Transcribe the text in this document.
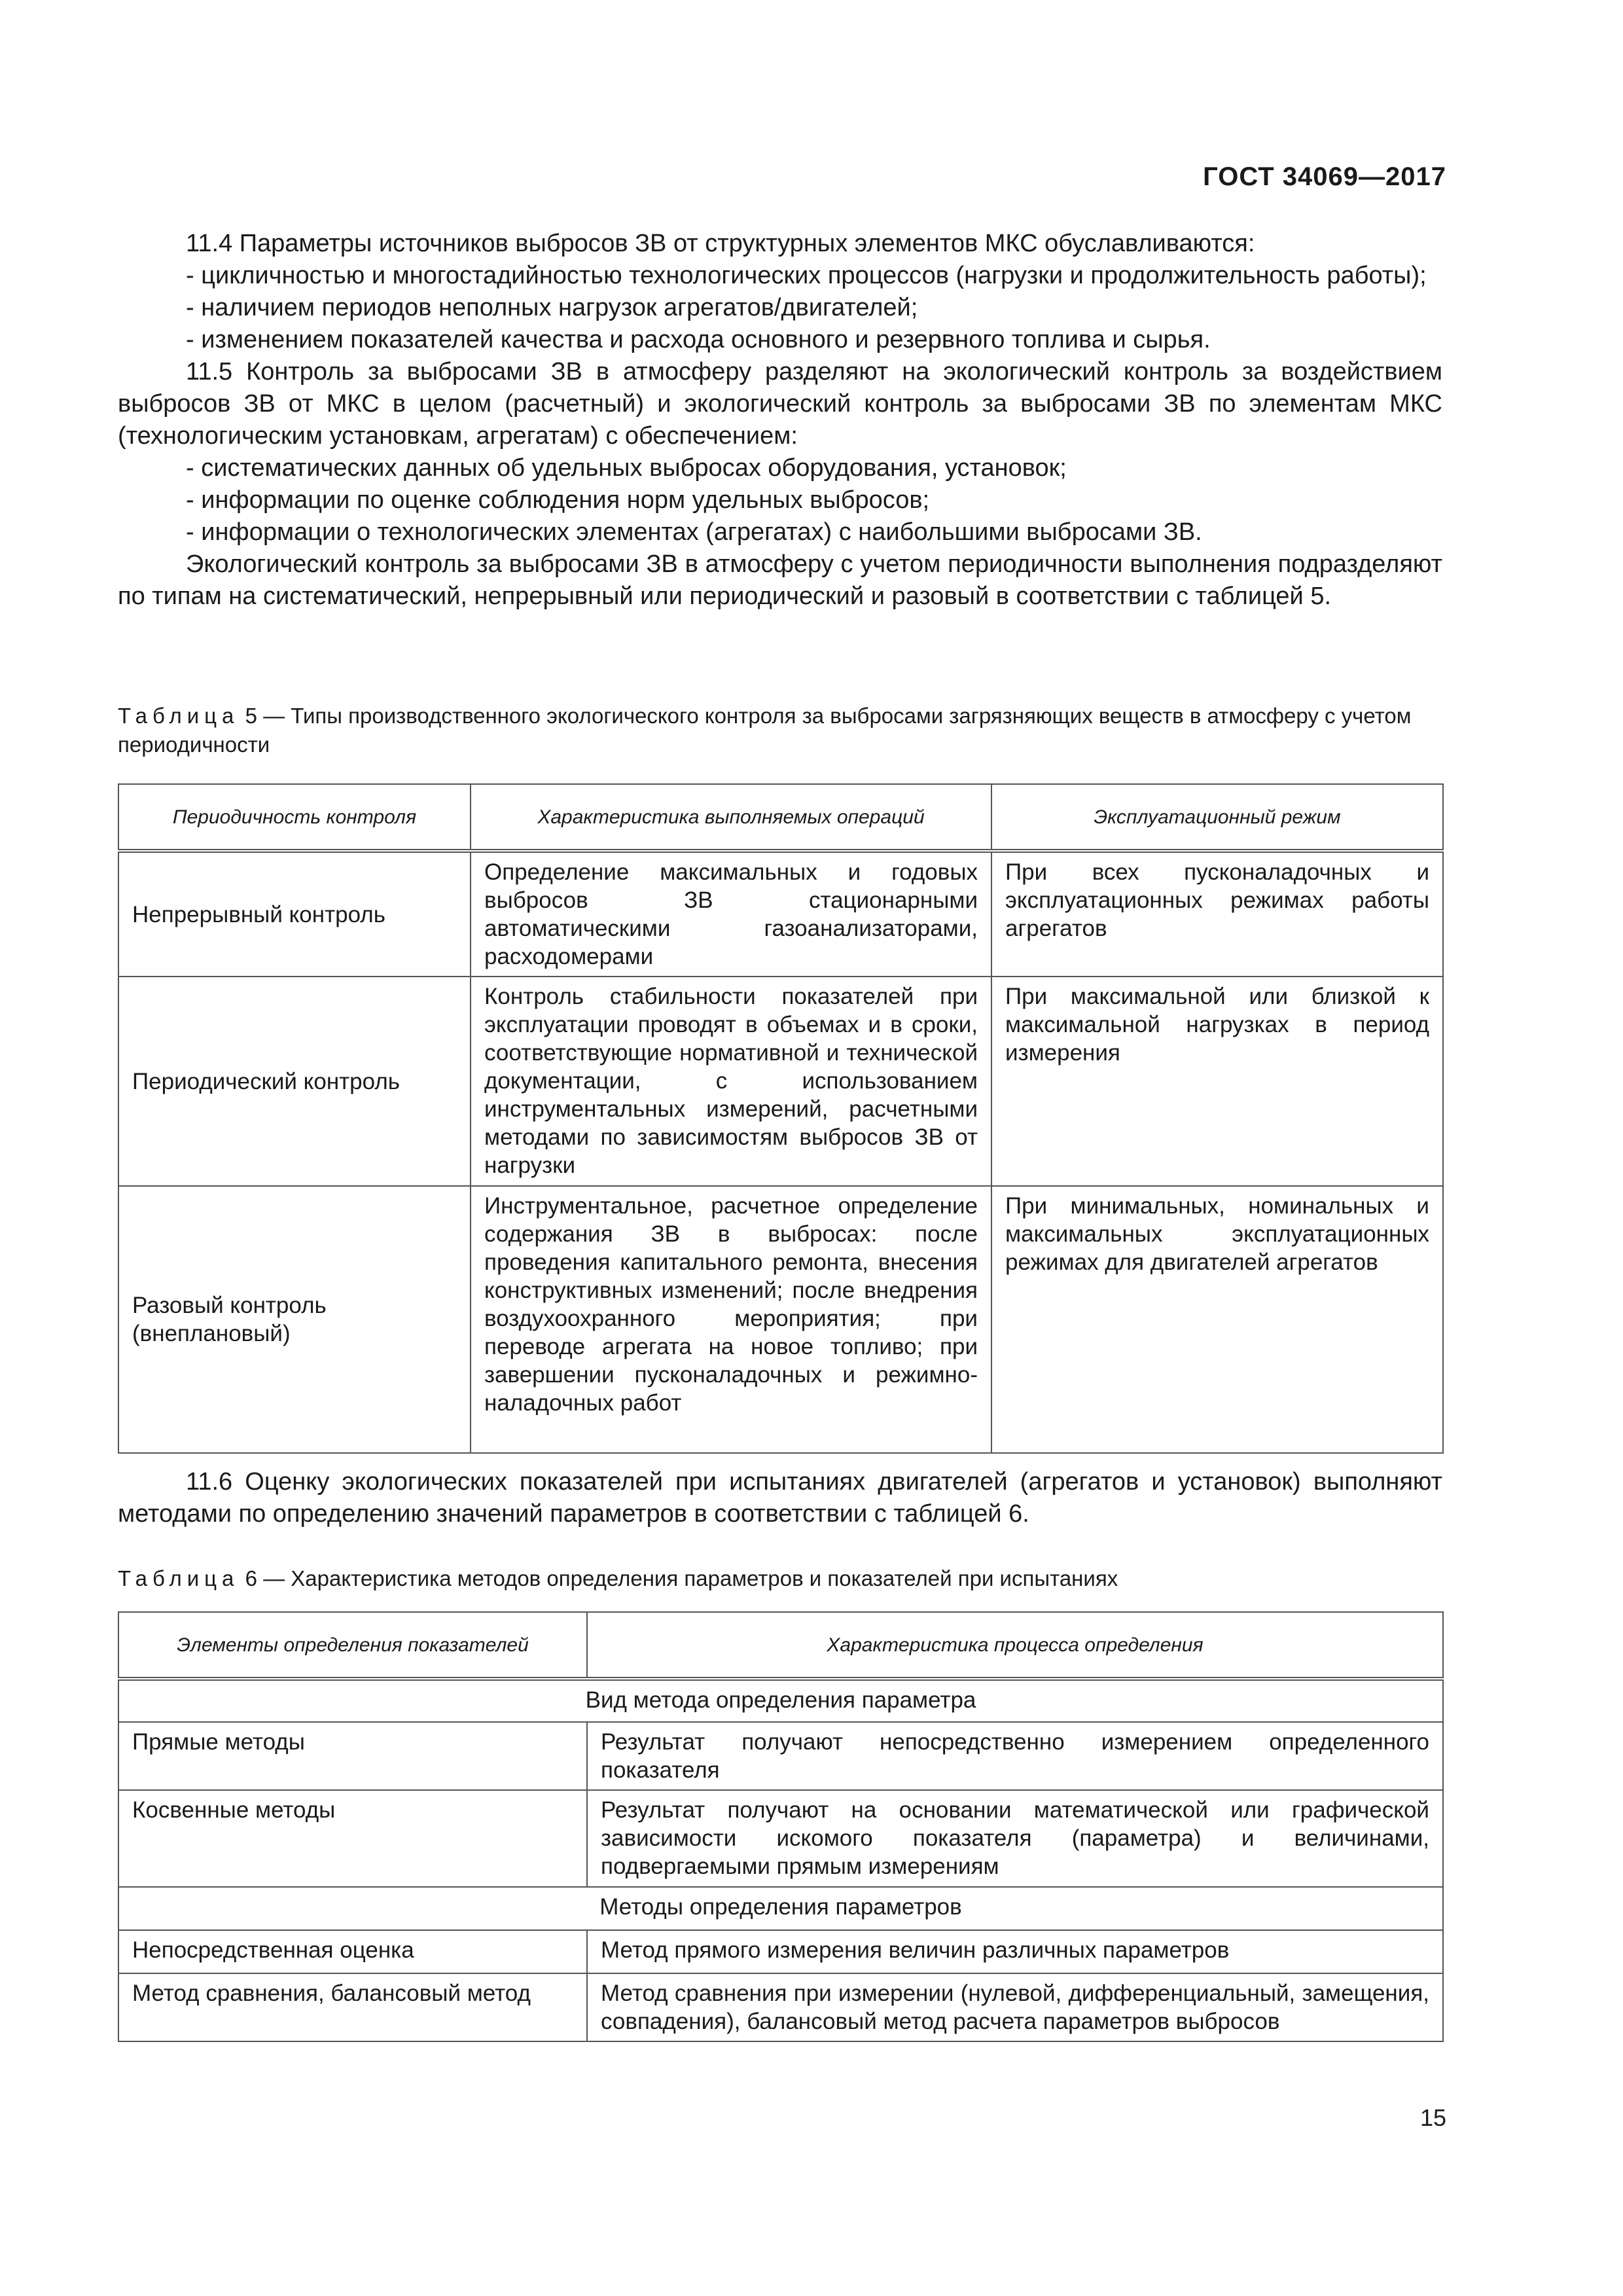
ГОСТ 34069—2017

11.4 Параметры источников выбросов ЗВ от структурных элементов МКС обуславливаются:

- цикличностью и многостадийностью технологических процессов (нагрузки и продолжительность работы);

- наличием периодов неполных нагрузок агрегатов/двигателей;

- изменением показателей качества и расхода основного и резервного топлива и сырья.

11.5 Контроль за выбросами ЗВ в атмосферу разделяют на экологический контроль за воздействием выбросов ЗВ от МКС в целом (расчетный) и экологический контроль за выбросами ЗВ по элементам МКС (технологическим установкам, агрегатам) с обеспечением:

- систематических данных об удельных выбросах оборудования, установок;

- информации по оценке соблюдения норм удельных выбросов;

- информации о технологических элементах (агрегатах) с наибольшими выбросами ЗВ.

Экологический контроль за выбросами ЗВ в атмосферу с учетом периодичности выполнения подразделяют по типам на систематический, непрерывный или периодический и разовый в соответствии с таблицей 5.

Таблица 5 — Типы производственного экологического контроля за выбросами загрязняющих веществ в атмосферу с учетом периодичности
Периодичность контроля	Характеристика выполняемых операций	Эксплуатационный режим
Непрерывный контроль	Определение максимальных и годовых выбросов ЗВ стационарными автоматическими газоанализаторами, расходомерами	При всех пусконаладочных и эксплуатационных режимах работы агрегатов
Периодический контроль	Контроль стабильности показателей при эксплуатации проводят в объемах и в сроки, соответствующие нормативной и технической документации, с использованием инструментальных измерений, расчетными методами по зависимостям выбросов ЗВ от нагрузки	При максимальной или близкой к максимальной нагрузках в период измерения
Разовый контроль (внеплановый)	Инструментальное, расчетное определение содержания ЗВ в выбросах: после проведения капитального ремонта, внесения конструктивных изменений; после внедрения воздухоохранного мероприятия; при переводе агрегата на новое топливо; при завершении пусконаладочных и режимно-наладочных работ	При минимальных, номинальных и максимальных эксплуатационных режимах для двигателей агрегатов

11.6 Оценку экологических показателей при испытаниях двигателей (агрегатов и установок) выполняют методами по определению значений параметров в соответствии с таблицей 6.

Таблица 6 — Характеристика методов определения параметров и показателей при испытаниях
Элементы определения показателей	Характеристика процесса определения
Вид метода определения параметра	
Прямые методы	Результат получают непосредственно измерением определенного показателя
Косвенные методы	Результат получают на основании математической или графической зависимости искомого показателя (параметра) и величинами, подвергаемыми прямым измерениям
Методы определения параметров	
Непосредственная оценка	Метод прямого измерения величин различных параметров
Метод сравнения, балансовый метод	Метод сравнения при измерении (нулевой, дифференциальный, замещения, совпадения), балансовый метод расчета параметров выбросов
15
